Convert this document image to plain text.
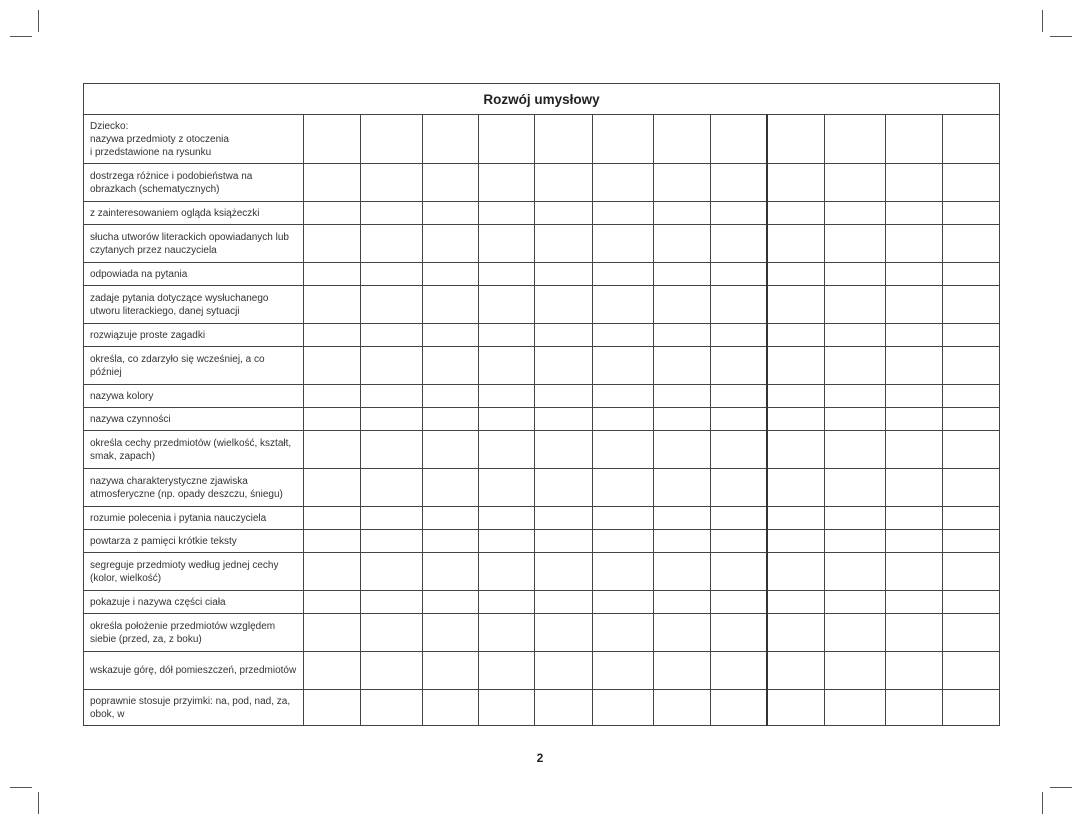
Rozwój umysłowy												
Dziecko:
nazywa przedmioty z otoczenia
i przedstawione na rysunku												
dostrzega różnice i podobieństwa na obrazkach (schematycznych)												
z zainteresowaniem ogląda książeczki												
słucha utworów literackich opowiadanych lub czytanych przez nauczyciela												
odpowiada na pytania												
zadaje pytania dotyczące wysłuchanego utworu literackiego, danej sytuacji												
rozwiązuje proste zagadki												
określa, co zdarzyło się wcześniej, a co później												
nazywa kolory												
nazywa czynności												
określa cechy przedmiotów (wielkość, kształt, smak, zapach)												
nazywa charakterystyczne zjawiska atmosferyczne (np. opady deszczu, śniegu)												
rozumie polecenia i pytania nauczyciela												
powtarza z pamięci krótkie teksty												
segreguje przedmioty według jednej cechy (kolor, wielkość)												
pokazuje i nazywa części ciała												
określa położenie przedmiotów względem siebie (przed, za, z boku)												
wskazuje górę, dół pomieszczeń, przedmiotów												
poprawnie stosuje przyimki: na, pod, nad, za, obok, w												
2
